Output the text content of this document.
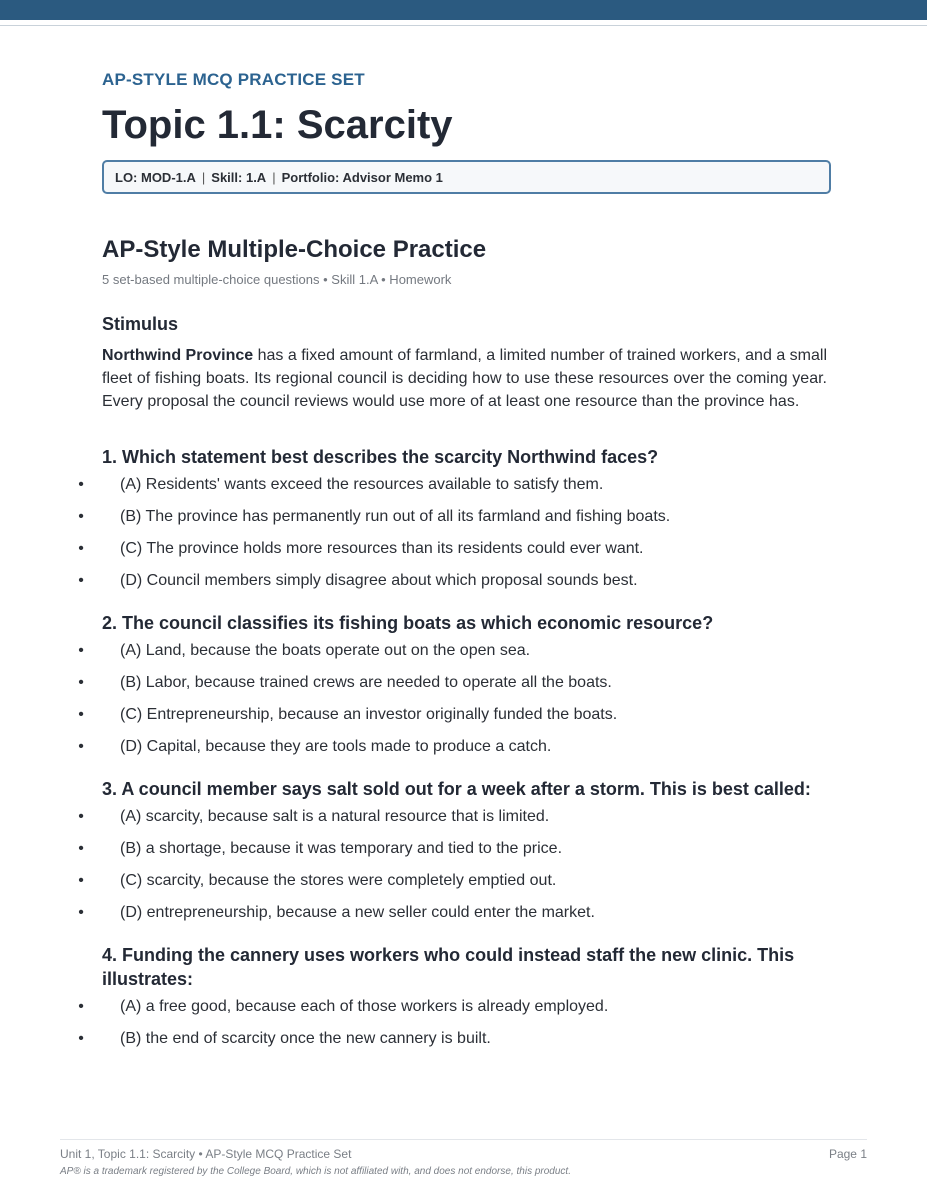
AP-STYLE MCQ PRACTICE SET
Topic 1.1: Scarcity
LO: MOD-1.A | Skill: 1.A | Portfolio: Advisor Memo 1
AP-Style Multiple-Choice Practice
5 set-based multiple-choice questions • Skill 1.A • Homework
Stimulus
Northwind Province has a fixed amount of farmland, a limited number of trained workers, and a small fleet of fishing boats. Its regional council is deciding how to use these resources over the coming year. Every proposal the council reviews would use more of at least one resource than the province has.
1. Which statement best describes the scarcity Northwind faces?
• (A) Residents' wants exceed the resources available to satisfy them.
• (B) The province has permanently run out of all its farmland and fishing boats.
• (C) The province holds more resources than its residents could ever want.
• (D) Council members simply disagree about which proposal sounds best.
2. The council classifies its fishing boats as which economic resource?
• (A) Land, because the boats operate out on the open sea.
• (B) Labor, because trained crews are needed to operate all the boats.
• (C) Entrepreneurship, because an investor originally funded the boats.
• (D) Capital, because they are tools made to produce a catch.
3. A council member says salt sold out for a week after a storm. This is best called:
• (A) scarcity, because salt is a natural resource that is limited.
• (B) a shortage, because it was temporary and tied to the price.
• (C) scarcity, because the stores were completely emptied out.
• (D) entrepreneurship, because a new seller could enter the market.
4. Funding the cannery uses workers who could instead staff the new clinic. This illustrates:
• (A) a free good, because each of those workers is already employed.
• (B) the end of scarcity once the new cannery is built.
Unit 1, Topic 1.1: Scarcity • AP-Style MCQ Practice Set	Page 1
AP® is a trademark registered by the College Board, which is not affiliated with, and does not endorse, this product.
